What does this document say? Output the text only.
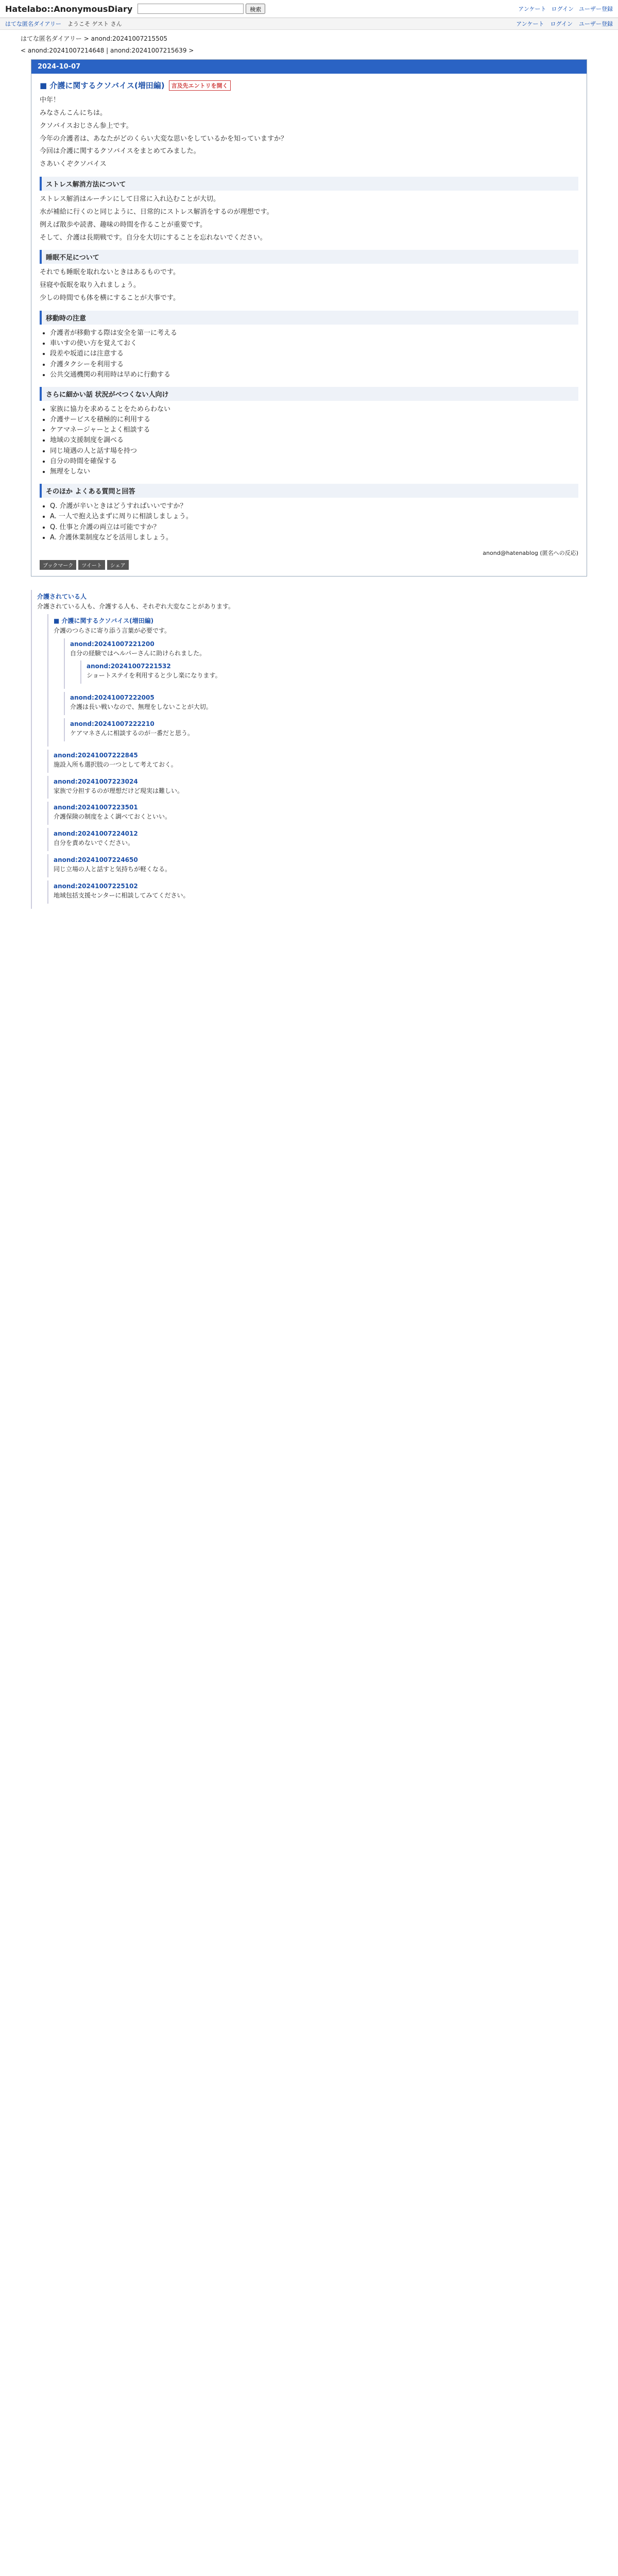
Hatelabo::AnonymousDiary	検索	アンケート ログイン ユーザー登録
はてな匿名ダイアリー ようこそ ゲスト さん	アンケート ログイン ユーザー登録
はてな匿名ダイアリー > anond:20241007215505
< anond:20241007214648 | anond:20241007215639 >
2024-10-07
■ 介護に関するクソバイス(増田編)	言及先エントリを開く

中年！

みなさんこんにちは。

クソバイスおじさん参上です。

今年の介護者は、あなたがどのくらい大変な思いをしているかを知っていますか？

今回は介護に関するクソバイスをまとめてみました。

さあいくぞクソバイス

ストレス解消方法について

ストレス解消はルーチンにして日常に入れ込むことが大切。

水が補給に行くのと同じように、日常的にストレス解消をするのが理想です。

例えば散歩や読書、趣味の時間を作ることが重要です。

そして、介護は長期戦です。自分を大切にすることを忘れないでください。

睡眠不足について

それでも睡眠を取れないときはあるものです。

昼寝や仮眠を取り入れましょう。

少しの時間でも体を横にすることが大事です。

移動時の注意
• 介護者が移動する際は安全を第一に考える
• 車いすの使い方を覚えておく
• 段差や坂道には注意する
• 介護タクシーを利用する
• 公共交通機関の利用時は早めに行動する
さらに細かい話 状況がべつくない人向け
• 家族に協力を求めることをためらわない
• 介護サービスを積極的に利用する
• ケアマネージャーとよく相談する
• 地域の支援制度を調べる
• 同じ境遇の人と話す場を持つ
• 自分の時間を確保する
• 無理をしない
そのほか よくある質問と回答
• Q. 介護が辛いときはどうすればいいですか？
• A. 一人で抱え込まずに周りに相談しましょう。
• Q. 仕事と介護の両立は可能ですか？
• A. 介護休業制度などを活用しましょう。
anond@hatenablog (匿名への反応)
ブックマーク	ツイート	シェア
介護されている人
介護されている人も、介護する人も、それぞれ大変なことがあります。
■ 介護に関するクソバイス(増田編)
介護のつらさに寄り添う言葉が必要です。
anond:20241007221200
自分の経験ではヘルパーさんに助けられました。
anond:20241007221532
ショートステイを利用すると少し楽になります。
anond:20241007222005
介護は長い戦いなので、無理をしないことが大切。
anond:20241007222210
ケアマネさんに相談するのが一番だと思う。
anond:20241007222845
施設入所も選択肢の一つとして考えておく。
anond:20241007223024
家族で分担するのが理想だけど現実は難しい。
anond:20241007223501
介護保険の制度をよく調べておくといい。
anond:20241007224012
自分を責めないでください。
anond:20241007224650
同じ立場の人と話すと気持ちが軽くなる。
anond:20241007225102
地域包括支援センターに相談してみてください。
